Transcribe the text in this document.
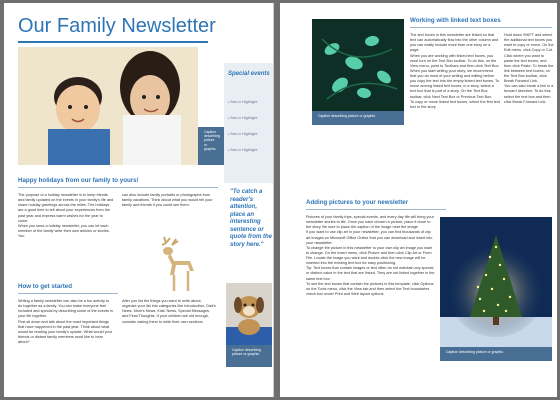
Our Family Newsletter
Caption describing picture or graphic.
Special events
• Add a Highlight
• Add a Highlight
• Add a Highlight
• Add a Highlight
"To catch a reader's attention, place an interesting sentence or quote from the story here."
Happy holidays from our family to yours!
The purpose of a holiday newsletter is to keep friends and family updated on the events in your family's life and share holiday greetings across the miles. The holidays are a good time to tell about your experiences from the past year and express warm wishes for the year to come.
When you send a holiday newsletter, you can let each member of the family write their own articles or stories. You
can also include family portraits or photographs from family vacations. Think about what you would tell your family and friends if you could see them.
How to get started
Writing a family newsletter can also be a fun activity to do together as a family. You can make everyone feel included and special by describing some of the events in your life together.
First sit down and talk about the most important things that have happened in the past year. Think about what would be reading your family's update. What would your friends or distant family members most like to hear about?
After you list the things you want to write about, organize your list into categories like Introduction, Dad's News, Mom's News, Kids' News, Special Messages, and Final Thoughts. If your children are old enough, consider asking them to write their own sections.
Caption describing picture or graphic.
Caption describing picture or graphic.
Working with linked text boxes
The text boxes in this newsletter are linked so that text can automatically flow into the other column and you can easily include more than one story on a page.
When you are working with linked text boxes, you must turn on the Text Box toolbar. To do this, on the View menu, point to Toolbars and then click Text Box.
When you start writing your story, we recommend that you do most of your writing and editing before you copy the text into the empty linked text boxes. To move among linked text boxes, in a story, select a text box that is part of a story. On the Text Box toolbar, click Next Text Box or Previous Text Box.
To copy or move linked text boxes, select the first text box in the story
Hold down SHIFT and select the additional text boxes you want to copy or move. On the Edit menu, click Copy or Cut. Click where you want to paste the text boxes, and then click Paste. To break the link between text boxes, on the Text Box toolbar, click Break Forward Link.
You can also break a link in a forward direction. To do this, select the text box and then click Break Forward Link.
Adding pictures to your newsletter
Pictures of your family trips, special events, and every day life will bring your newsletter stories to life. Once you have chosen a picture, place it close to the story. Be sure to place the caption of the image near the image.
If you want to use clip art in your newsletter, you can find thousands of clip art images on Microsoft Office Online that you can download and insert into your newsletter.
To change the picture in this newsletter to your own clip art image you want to change. On the Insert menu, click Picture and then click Clip Art or From File. Locate the image you want and double-click the new image will be inserted into the existing text box for easy positioning.
Tip: Text boxes that contain images or text often do not maintain any special or distinct value in the text that are linked. They are not linked together in the same text box.
To see the text boxes that contain the pictures in this template, click Options on the Tools menu, click the View tab and then select the Text boundaries check box under Print and Web layout options.
Caption describing picture or graphic.
